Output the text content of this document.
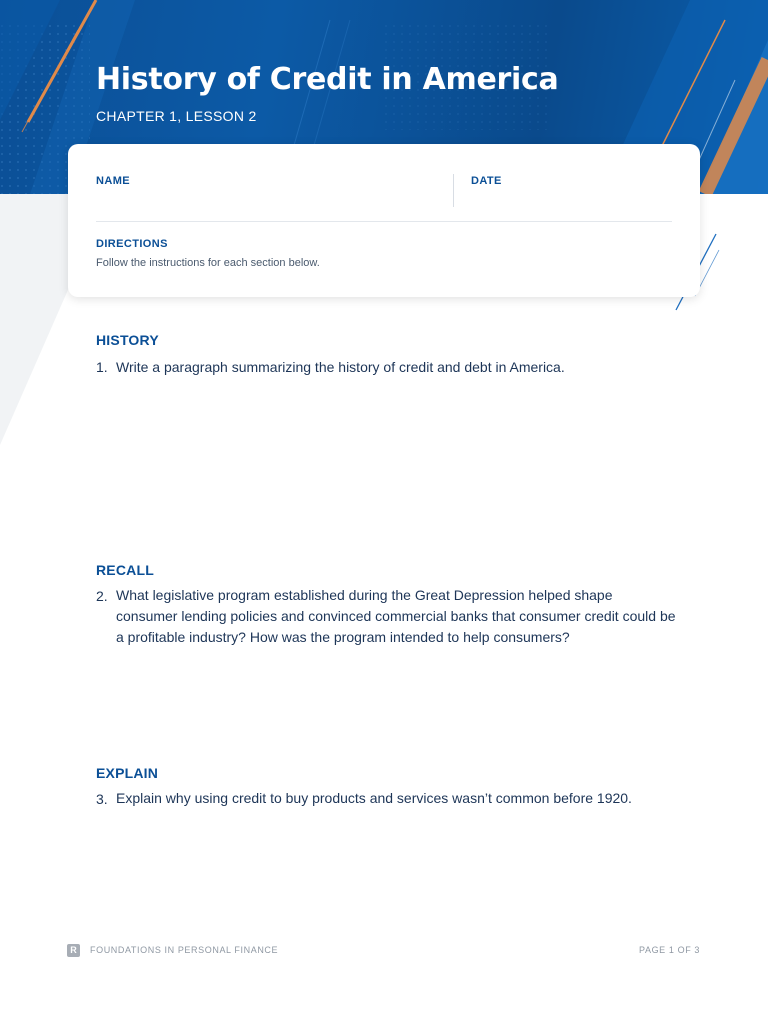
History of Credit in America
CHAPTER 1, LESSON 2
NAME	DATE
DIRECTIONS
Follow the instructions for each section below.
HISTORY
1. Write a paragraph summarizing the history of credit and debt in America.
RECALL
2. What legislative program established during the Great Depression helped shape consumer lending policies and convinced commercial banks that consumer credit could be a profitable industry? How was the program intended to help consumers?
EXPLAIN
3. Explain why using credit to buy products and services wasn’t common before 1920.
R	FOUNDATIONS IN PERSONAL FINANCE	PAGE 1 OF 3
